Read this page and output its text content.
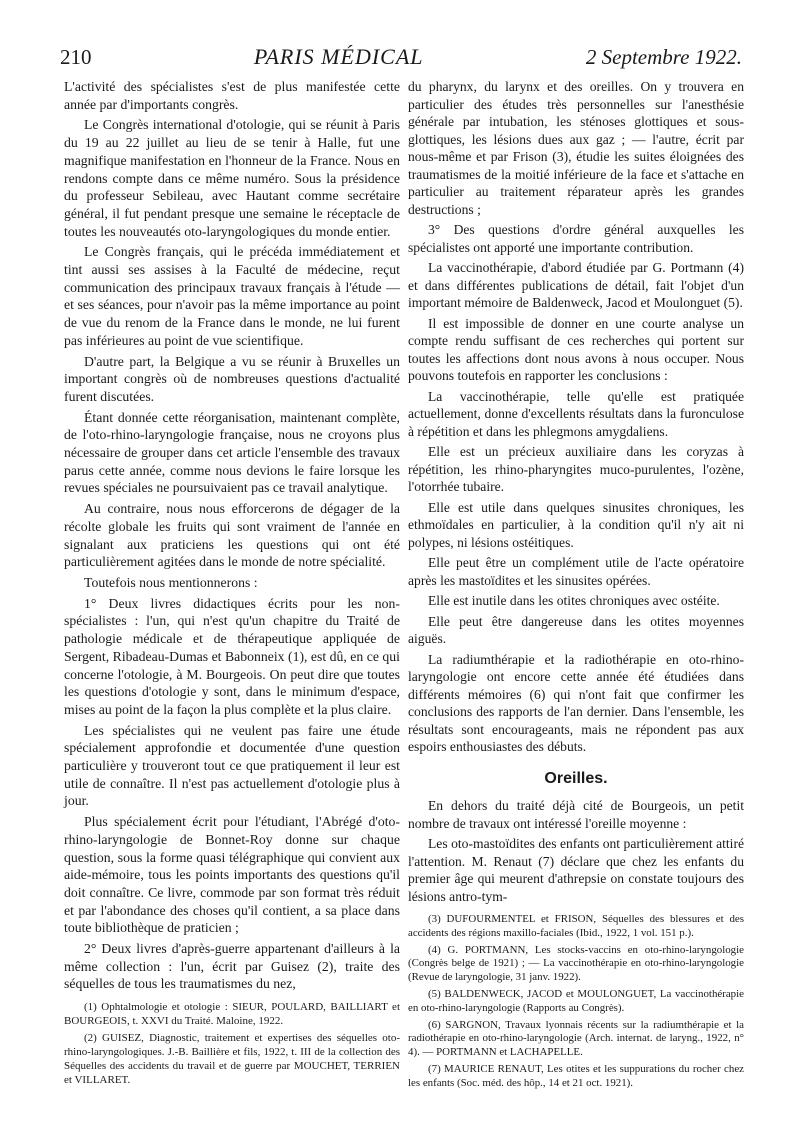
210	PARIS MÉDICAL	2 Septembre 1922.

L'activité des spécialistes s'est de plus manifestée cette année par d'importants congrès.

Le Congrès international d'otologie, qui se réunit à Paris du 19 au 22 juillet au lieu de se tenir à Halle, fut une magnifique manifestation en l'honneur de la France. Nous en rendons compte dans ce même numéro. Sous la présidence du professeur Sebileau, avec Hautant comme secrétaire général, il fut pendant presque une semaine le réceptacle de toutes les nouveautés oto-laryngologiques du monde entier.

Le Congrès français, qui le précéda immédiatement et tint aussi ses assises à la Faculté de médecine, reçut communication des principaux travaux français à l'étude — et ses séances, pour n'avoir pas la même importance au point de vue du renom de la France dans le monde, ne lui furent pas inférieures au point de vue scientifique.

D'autre part, la Belgique a vu se réunir à Bruxelles un important congrès où de nombreuses questions d'actualité furent discutées.

Étant donnée cette réorganisation, maintenant complète, de l'oto-rhino-laryngologie française, nous ne croyons plus nécessaire de grouper dans cet article l'ensemble des travaux parus cette année, comme nous devions le faire lorsque les revues spéciales ne poursuivaient pas ce travail analytique.

Au contraire, nous nous efforcerons de dégager de la récolte globale les fruits qui sont vraiment de l'année en signalant aux praticiens les questions qui ont été particulièrement agitées dans le monde de notre spécialité.

Toutefois nous mentionnerons :

1° Deux livres didactiques écrits pour les non-spécialistes : l'un, qui n'est qu'un chapitre du Traité de pathologie médicale et de thérapeutique appliquée de Sergent, Ribadeau-Dumas et Babonneix (1), est dû, en ce qui concerne l'otologie, à M. Bourgeois. On peut dire que toutes les questions d'otologie y sont, dans le minimum d'espace, mises au point de la façon la plus complète et la plus claire.

Les spécialistes qui ne veulent pas faire une étude spécialement approfondie et documentée d'une question particulière y trouveront tout ce que pratiquement il leur est utile de connaître. Il n'est pas actuellement d'otologie plus à jour.

Plus spécialement écrit pour l'étudiant, l'Abrégé d'oto-rhino-laryngologie de Bonnet-Roy donne sur chaque question, sous la forme quasi télégraphique qui convient aux aide-mémoire, tous les points importants des questions qu'il doit connaître. Ce livre, commode par son format très réduit et par l'abondance des choses qu'il contient, a sa place dans toute bibliothèque de praticien ;

2° Deux livres d'après-guerre appartenant d'ailleurs à la même collection : l'un, écrit par Guisez (2), traite des séquelles de tous les traumatismes du nez,

(1) Ophtalmologie et otologie : SIEUR, POULARD, BAILLIART et BOURGEOIS, t. XXVI du Traité. Maloine, 1922.

(2) GUISEZ, Diagnostic, traitement et expertises des séquelles oto-rhino-laryngologiques. J.-B. Baillière et fils, 1922, t. III de la collection des Séquelles des accidents du travail et de guerre par MOUCHET, TERRIEN et VILLARET.

du pharynx, du larynx et des oreilles. On y trouvera en particulier des études très personnelles sur l'anesthésie générale par intubation, les sténoses glottiques et sous-glottiques, les lésions dues aux gaz ; — l'autre, écrit par nous-même et par Frison (3), étudie les suites éloignées des traumatismes de la moitié inférieure de la face et s'attache en particulier au traitement réparateur après les grandes destructions ;

3° Des questions d'ordre général auxquelles les spécialistes ont apporté une importante contribution.

La vaccinothérapie, d'abord étudiée par G. Portmann (4) et dans différentes publications de détail, fait l'objet d'un important mémoire de Baldenweck, Jacod et Moulonguet (5).

Il est impossible de donner en une courte analyse un compte rendu suffisant de ces recherches qui portent sur toutes les affections dont nous avons à nous occuper. Nous pouvons toutefois en rapporter les conclusions :

La vaccinothérapie, telle qu'elle est pratiquée actuellement, donne d'excellents résultats dans la furonculose à répétition et dans les phlegmons amygdaliens.

Elle est un précieux auxiliaire dans les coryzas à répétition, les rhino-pharyngites muco-purulentes, l'ozène, l'otorrhée tubaire.

Elle est utile dans quelques sinusites chroniques, les ethmoïdales en particulier, à la condition qu'il n'y ait ni polypes, ni lésions ostéitiques.

Elle peut être un complément utile de l'acte opératoire après les mastoïdites et les sinusites opérées.

Elle est inutile dans les otites chroniques avec ostéite.

Elle peut être dangereuse dans les otites moyennes aiguës.

La radiumthérapie et la radiothérapie en oto-rhino-laryngologie ont encore cette année été étudiées dans différents mémoires (6) qui n'ont fait que confirmer les conclusions des rapports de l'an dernier. Dans l'ensemble, les résultats sont encourageants, mais ne répondent pas aux espoirs enthousiastes des débuts.

Oreilles.

En dehors du traité déjà cité de Bourgeois, un petit nombre de travaux ont intéressé l'oreille moyenne :

Les oto-mastoïdites des enfants ont particulièrement attiré l'attention. M. Renaut (7) déclare que chez les enfants du premier âge qui meurent d'athrepsie on constate toujours des lésions antro-tym-

(3) DUFOURMENTEL et FRISON, Séquelles des blessures et des accidents des régions maxillo-faciales (Ibid., 1922, 1 vol. 151 p.).

(4) G. PORTMANN, Les stocks-vaccins en oto-rhino-laryngologie (Congrès belge de 1921) ; — La vaccinothérapie en oto-rhino-laryngologie (Revue de laryngologie, 31 janv. 1922).

(5) BALDENWECK, JACOD et MOULONGUET, La vaccinothérapie en oto-rhino-laryngologie (Rapports au Congrès).

(6) SARGNON, Travaux lyonnais récents sur la radiumthérapie et la radiothérapie en oto-rhino-laryngologie (Arch. internat. de laryng., 1922, n° 4). — PORTMANN et LACHAPELLE.

(7) MAURICE RENAUT, Les otites et les suppurations du rocher chez les enfants (Soc. méd. des hôp., 14 et 21 oct. 1921).
